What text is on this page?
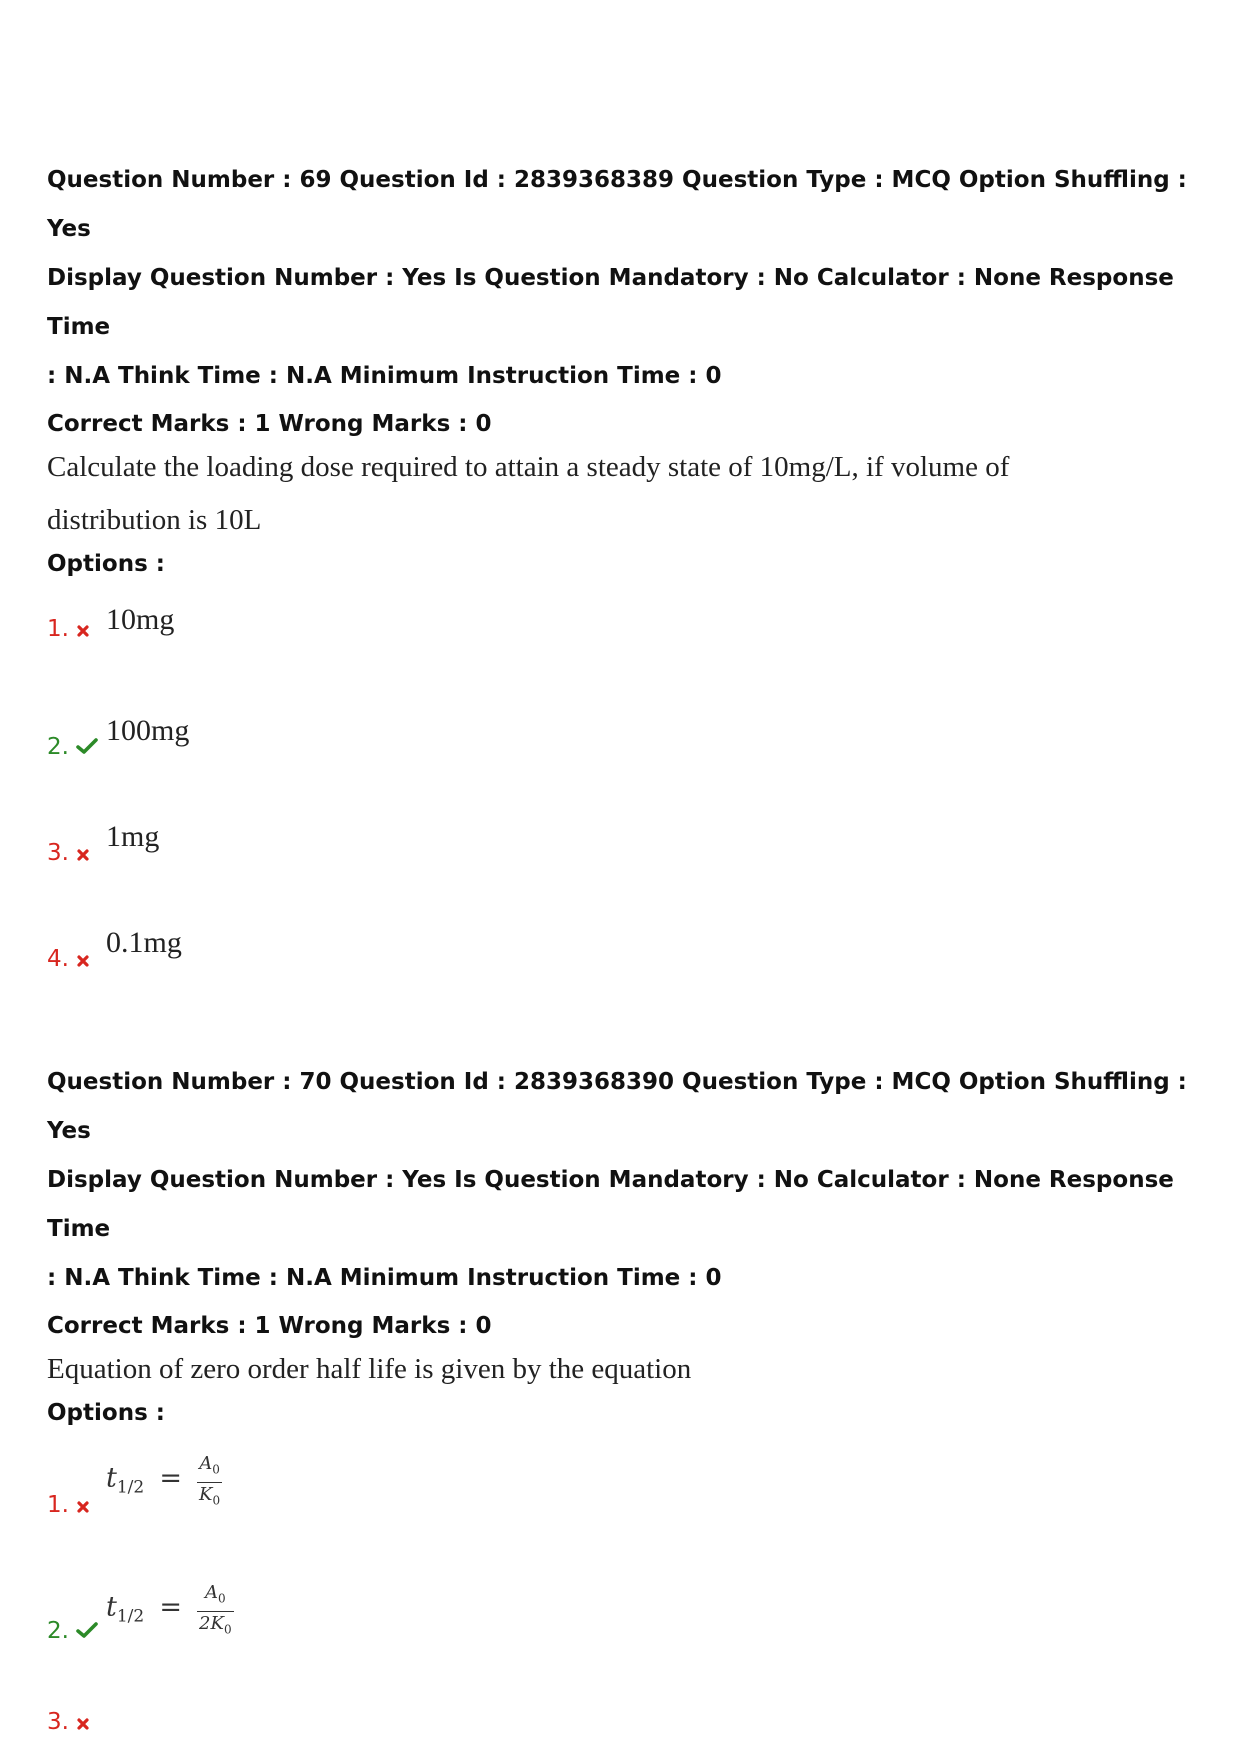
Question Number : 69 Question Id : 2839368389 Question Type : MCQ Option Shuffling : Yes

Display Question Number : Yes Is Question Mandatory : No Calculator : None Response Time

: N.A Think Time : N.A Minimum Instruction Time : 0

Correct Marks : 1 Wrong Marks : 0
Calculate the loading dose required to attain a steady state of 10mg/L, if volume of
distribution is 10L
Options :
1. 10mg
2. 100mg
3. 1mg
4. 0.1mg

Question Number : 70 Question Id : 2839368390 Question Type : MCQ Option Shuffling : Yes

Display Question Number : Yes Is Question Mandatory : No Calculator : None Response Time

: N.A Think Time : N.A Minimum Instruction Time : 0

Correct Marks : 1 Wrong Marks : 0
Equation of zero order half life is given by the equation
Options :
1.
$t1/2 = \frac{A_0}{K_0}$
2.
$t1/2 = \frac{A_0}{2K_0}$
3.
